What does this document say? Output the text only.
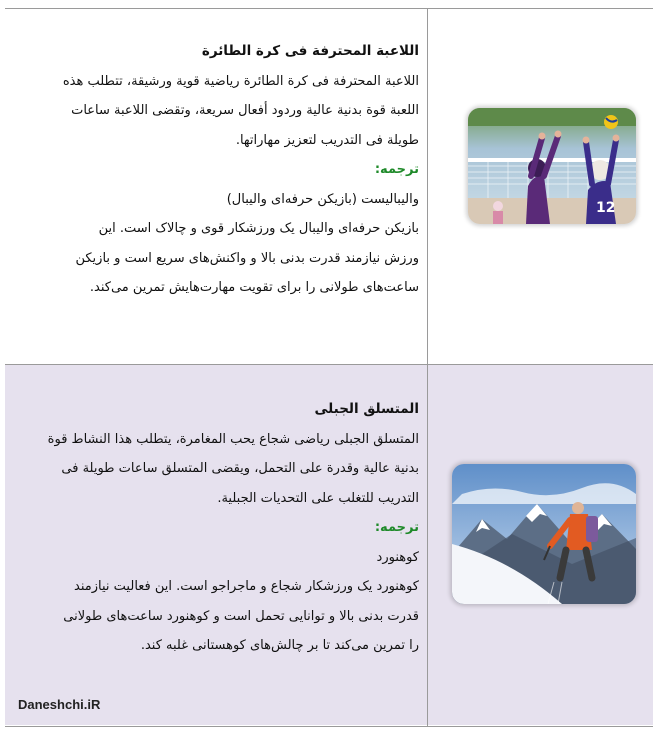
اللاعبة المحترفة فى كرة الطائرة
اللاعبة المحترفة فى كرة الطائرة رياضية قوية ورشيقة، تتطلب هذه
اللعبة قوة بدنية عالية وردود أفعال سريعة، وتقضى اللاعبة ساعات
طويلة فى التدريب لتعزيز مهاراتها.
ترجمه:
والیبالیست (بازیکن حرفه‌ای والیبال)
بازیکن حرفه‌ای والیبال یک ورزشکار قوی و چالاک است. این
ورزش نیازمند قدرت بدنی بالا و واکنش‌های سریع است و بازیکن
ساعت‌های طولانی را برای تقویت مهارت‌هایش تمرین می‌کند.
المتسلق الجبلى
المتسلق الجبلى رياضى شجاع يحب المغامرة، يتطلب هذا النشاط قوة
بدنية عالية وقدرة على التحمل، ويقضى المتسلق ساعات طويلة فى
التدريب للتغلب على التحديات الجبلية.
ترجمه:
کوهنورد
کوهنورد یک ورزشکار شجاع و ماجراجو است. این فعالیت نیازمند
قدرت بدنی بالا و توانایی تحمل است و کوهنورد ساعت‌های طولانی
را تمرین می‌کند تا بر چالش‌های کوهستانی غلبه کند.
12
Daneshchi.iR
